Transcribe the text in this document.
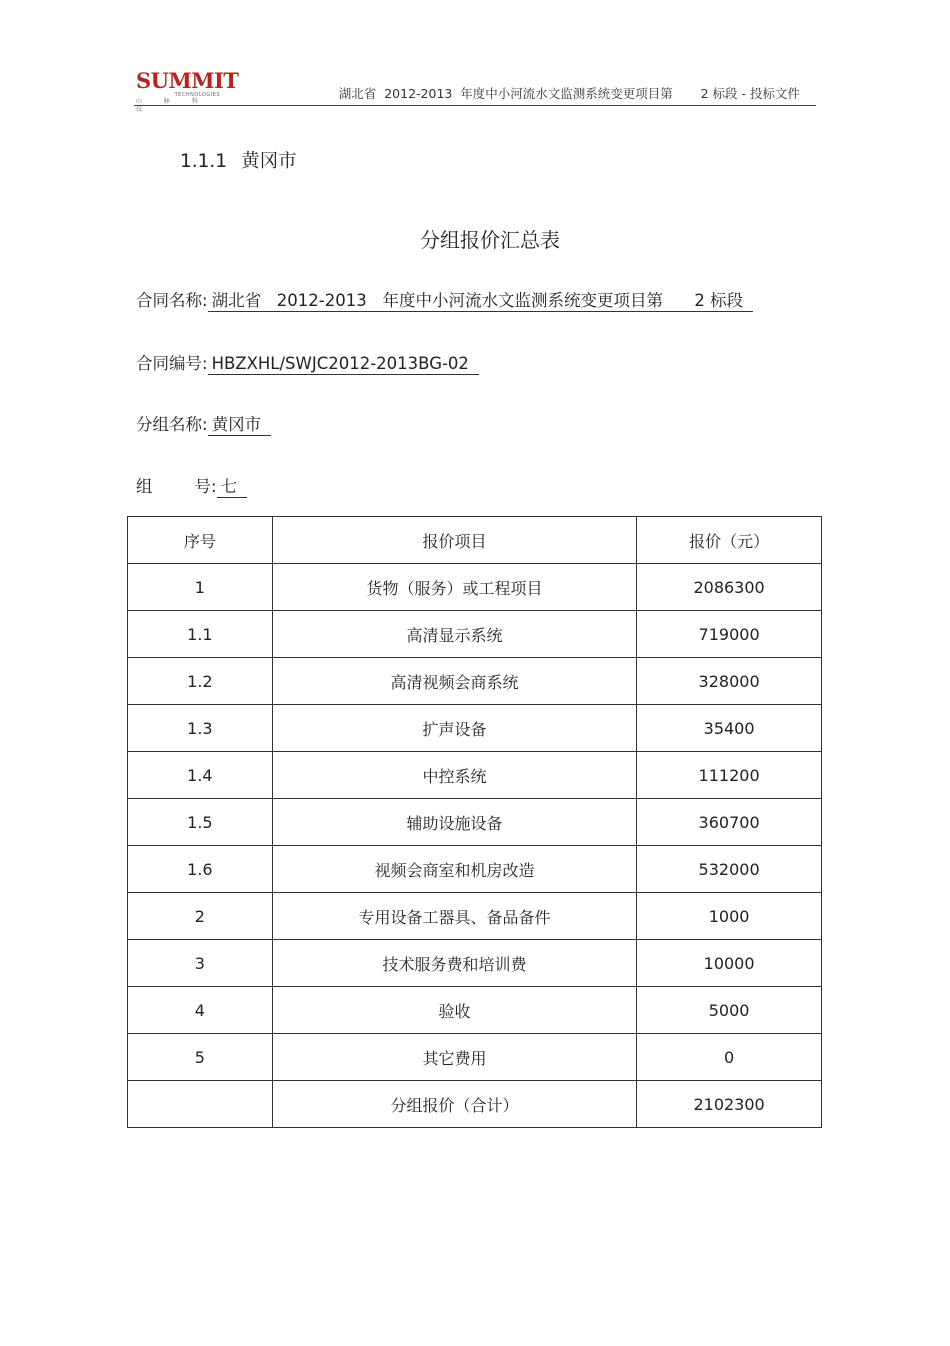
SUMMIT
TECHNOLOGIES
山 脉 科 技
湖北省  2012-2013  年度中小河流水文监测系统变更项目第       2 标段 - 投标文件
1.1.1 黄冈市
分组报价汇总表
合同名称: 湖北省   2012-2013   年度中小河流水文监测系统变更项目第      2 标段
合同编号: HBZXHL/SWJC2012-2013BG-02
分组名称: 黄冈市
组        号: 七
序号	报价项目	报价（元）
1	货物（服务）或工程项目	2086300
1.1	高清显示系统	719000
1.2	高清视频会商系统	328000
1.3	扩声设备	35400
1.4	中控系统	111200
1.5	辅助设施设备	360700
1.6	视频会商室和机房改造	532000
2	专用设备工器具、备品备件	1000
3	技术服务费和培训费	10000
4	验收	5000
5	其它费用	0
	分组报价（合计）	2102300
